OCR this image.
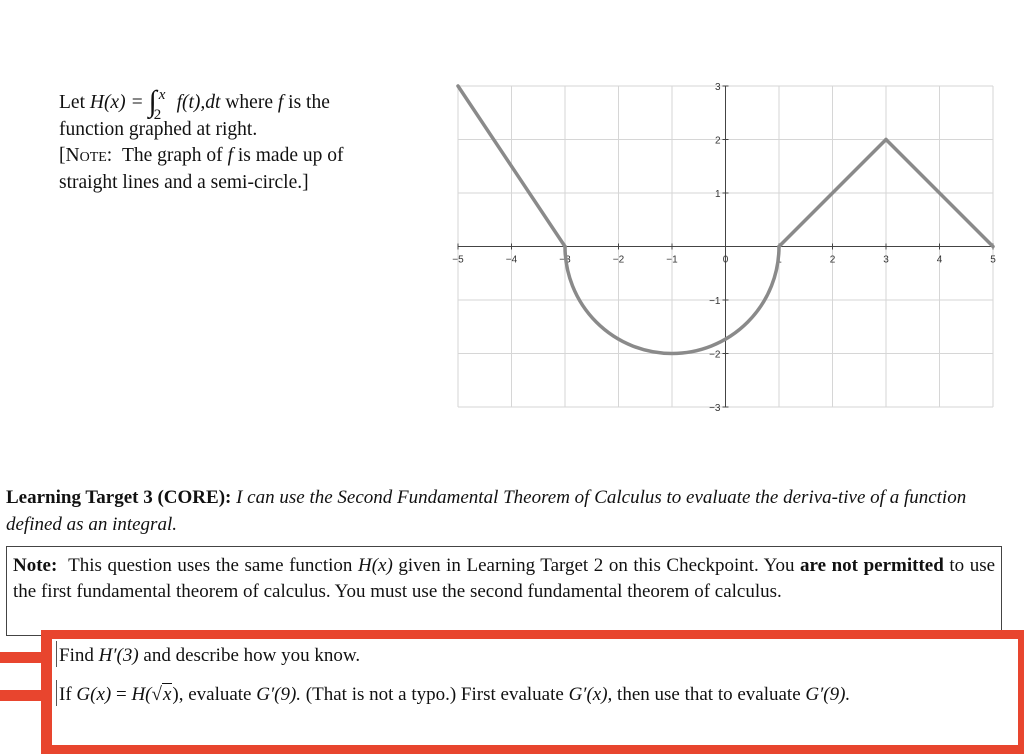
Let H(x) = ∫ x
2
f(t),dt where f is the
function graphed at right.
[Note: The graph of f is made up of
straight lines and a semi-circle.]
−5	−4	−3	−2	−1	0	1	2	3	4	5
3
2
1
−1
−2
−3
Learning Target 3 (CORE): I can use the Second Fundamental Theorem of Calculus to evaluate the deriva-tive of a function defined as an integral.
Note: This question uses the same function H(x) given in Learning Target 2 on this Checkpoint. You are not permitted to use the first fundamental theorem of calculus. You must use the second fundamental theorem of calculus.
Find H′(3) and describe how you know.
If G(x) = H(√x), evaluate G′(9). (That is not a typo.) First evaluate G′(x), then use that to evaluate G′(9).
